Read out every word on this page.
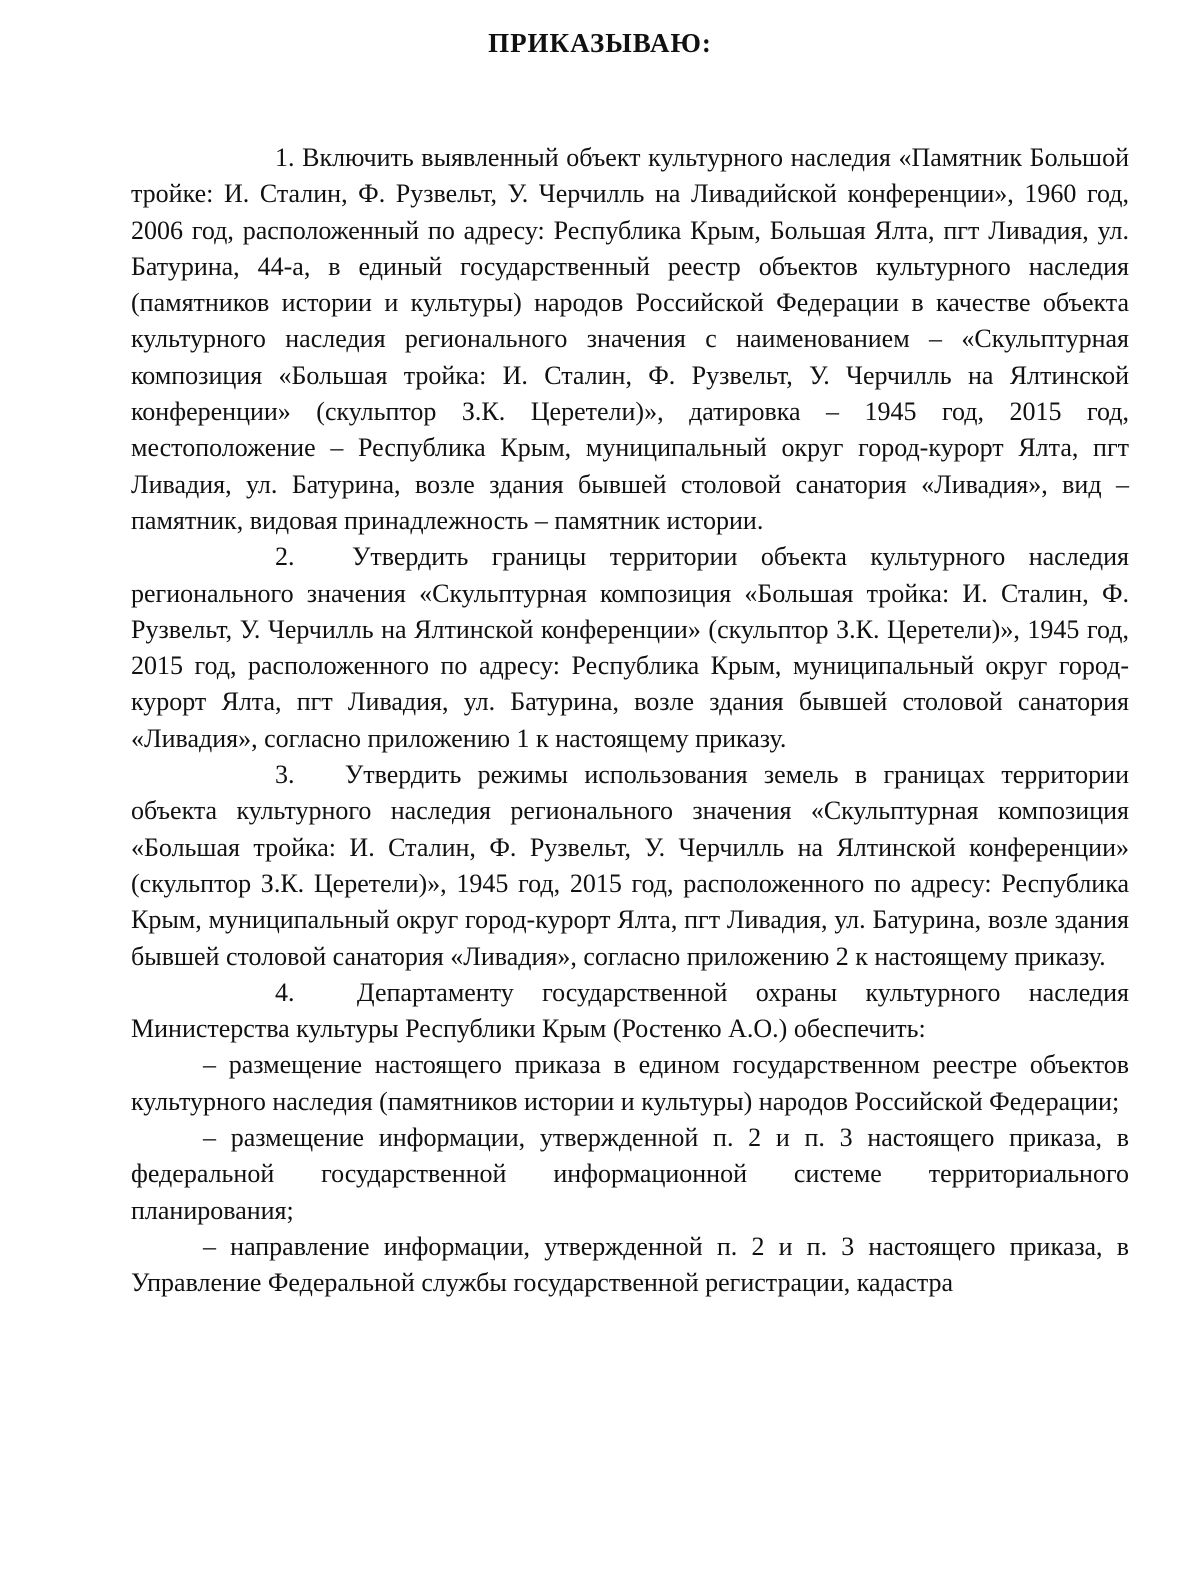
ПРИКАЗЫВАЮ:

1. Включить выявленный объект культурного наследия «Памятник Большой тройке: И. Сталин, Ф. Рузвельт, У. Черчилль на Ливадийской конференции», 1960 год, 2006 год, расположенный по адресу: Республика Крым, Большая Ялта, пгт Ливадия, ул. Батурина, 44-а, в единый государственный реестр объектов культурного наследия (памятников истории и культуры) народов Российской Федерации в качестве объекта культурного наследия регионального значения с наименованием – «Скульптурная композиция «Большая тройка: И. Сталин, Ф. Рузвельт, У. Черчилль на Ялтинской конференции» (скульптор З.К. Церетели)», датировка – 1945 год, 2015 год, местоположение – Республика Крым, муниципальный округ город-курорт Ялта, пгт Ливадия, ул. Батурина, возле здания бывшей столовой санатория «Ливадия», вид – памятник, видовая принадлежность – памятник истории.

2. Утвердить границы территории объекта культурного наследия регионального значения «Скульптурная композиция «Большая тройка: И. Сталин, Ф. Рузвельт, У. Черчилль на Ялтинской конференции» (скульптор З.К. Церетели)», 1945 год, 2015 год, расположенного по адресу: Республика Крым, муниципальный округ город-курорт Ялта, пгт Ливадия, ул. Батурина, возле здания бывшей столовой санатория «Ливадия», согласно приложению 1 к настоящему приказу.

3. Утвердить режимы использования земель в границах территории объекта культурного наследия регионального значения «Скульптурная композиция «Большая тройка: И. Сталин, Ф. Рузвельт, У. Черчилль на Ялтинской конференции» (скульптор З.К. Церетели)», 1945 год, 2015 год, расположенного по адресу: Республика Крым, муниципальный округ город-курорт Ялта, пгт Ливадия, ул. Батурина, возле здания бывшей столовой санатория «Ливадия», согласно приложению 2 к настоящему приказу.

4. Департаменту государственной охраны культурного наследия Министерства культуры Республики Крым (Ростенко А.О.) обеспечить:

– размещение настоящего приказа в едином государственном реестре объектов культурного наследия (памятников истории и культуры) народов Российской Федерации;

– размещение информации, утвержденной п. 2 и п. 3 настоящего приказа, в федеральной государственной информационной системе территориального планирования;

– направление информации, утвержденной п. 2 и п. 3 настоящего приказа, в Управление Федеральной службы государственной регистрации, кадастра
